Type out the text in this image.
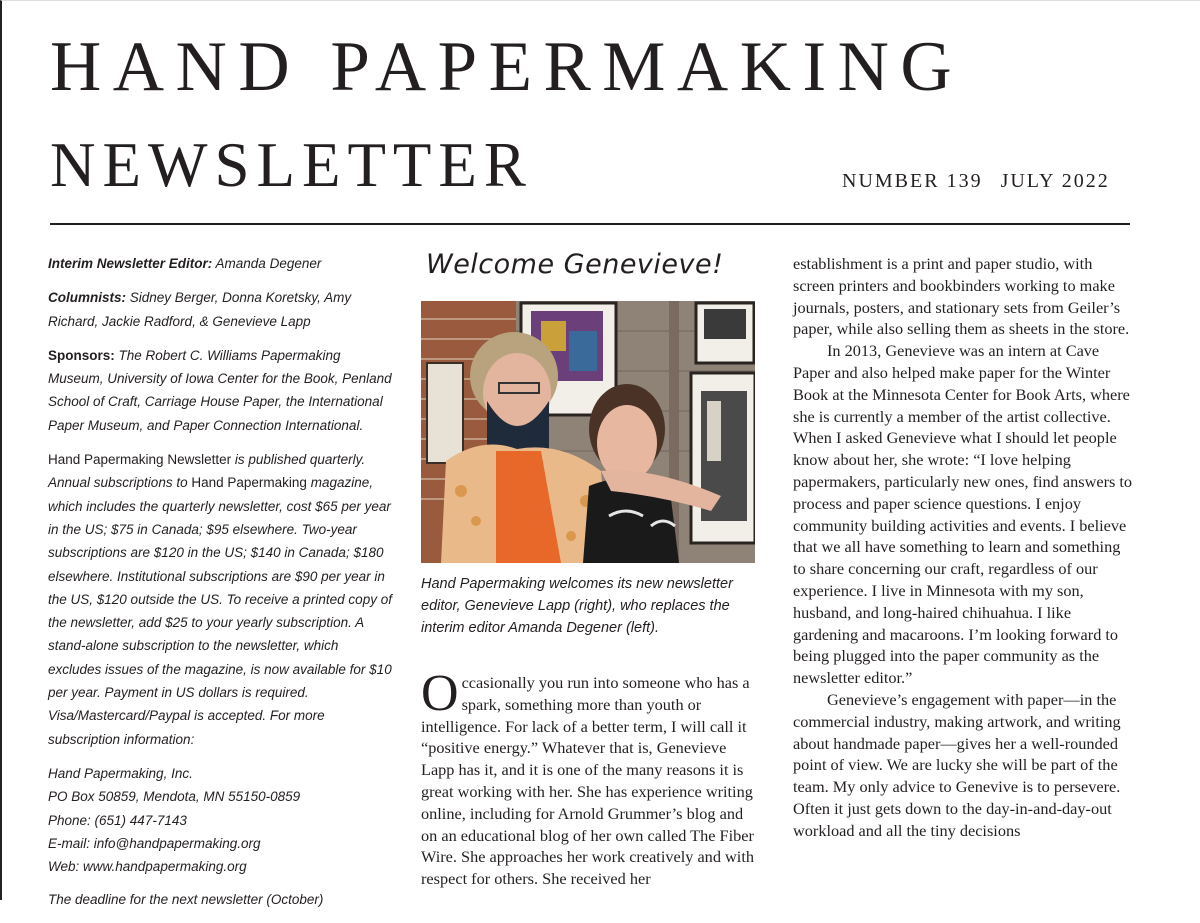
HAND PAPERMAKING
NEWSLETTER	NUMBER 139 JULY 2022

Interim Newsletter Editor: Amanda Degener

Columnists: Sidney Berger, Donna Koretsky, Amy Richard, Jackie Radford, & Genevieve Lapp

Sponsors: The Robert C. Williams Papermaking Museum, University of Iowa Center for the Book, Penland School of Craft, Carriage House Paper, the International Paper Museum, and Paper Connection International.

Hand Papermaking Newsletter is published quarterly. Annual subscriptions to Hand Papermaking magazine, which includes the quarterly newsletter, cost $65 per year in the US; $75 in Canada; $95 elsewhere. Two-year subscriptions are $120 in the US; $140 in Canada; $180 elsewhere. Institutional subscriptions are $90 per year in the US, $120 outside the US. To receive a printed copy of the newsletter, add $25 to your yearly subscription. A stand-alone subscription to the newsletter, which excludes issues of the magazine, is now available for $10 per year. Payment in US dollars is required. Visa/Mastercard/Paypal is accepted. For more subscription information:

Hand Papermaking, Inc.

PO Box 50859, Mendota, MN 55150-0859

Phone: (651) 447-7143

E-mail: info@handpapermaking.org

Web: www.handpapermaking.org

The deadline for the next newsletter (October)

Welcome Genevieve!

Hand Papermaking welcomes its new newsletter editor, Genevieve Lapp (right), who replaces the interim editor Amanda Degener (left).

Occasionally you run into someone who has a spark, something more than youth or intelligence. For lack of a better term, I will call it “positive energy.” Whatever that is, Genevieve Lapp has it, and it is one of the many reasons it is great working with her. She has experience writing online, including for Arnold Grummer’s blog and on an educational blog of her own called The Fiber Wire. She approaches her work creatively and with respect for others. She received her

establishment is a print and paper studio, with screen printers and bookbinders working to make journals, posters, and stationary sets from Geiler’s paper, while also selling them as sheets in the store.

In 2013, Genevieve was an intern at Cave Paper and also helped make paper for the Winter Book at the Minnesota Center for Book Arts, where she is currently a member of the artist collective. When I asked Genevieve what I should let people know about her, she wrote: “I love helping papermakers, particularly new ones, find answers to process and paper science questions. I enjoy community building activities and events. I believe that we all have something to learn and something to share concerning our craft, regardless of our experience. I live in Minnesota with my son, husband, and long-haired chihuahua. I like gardening and macaroons. I’m looking forward to being plugged into the paper community as the newsletter editor.”

Genevieve’s engagement with paper—in the commercial industry, making artwork, and writing about handmade paper—gives her a well-rounded point of view. We are lucky she will be part of the team. My only advice to Genevive is to persevere. Often it just gets down to the day-in-and-day-out workload and all the tiny decisions
